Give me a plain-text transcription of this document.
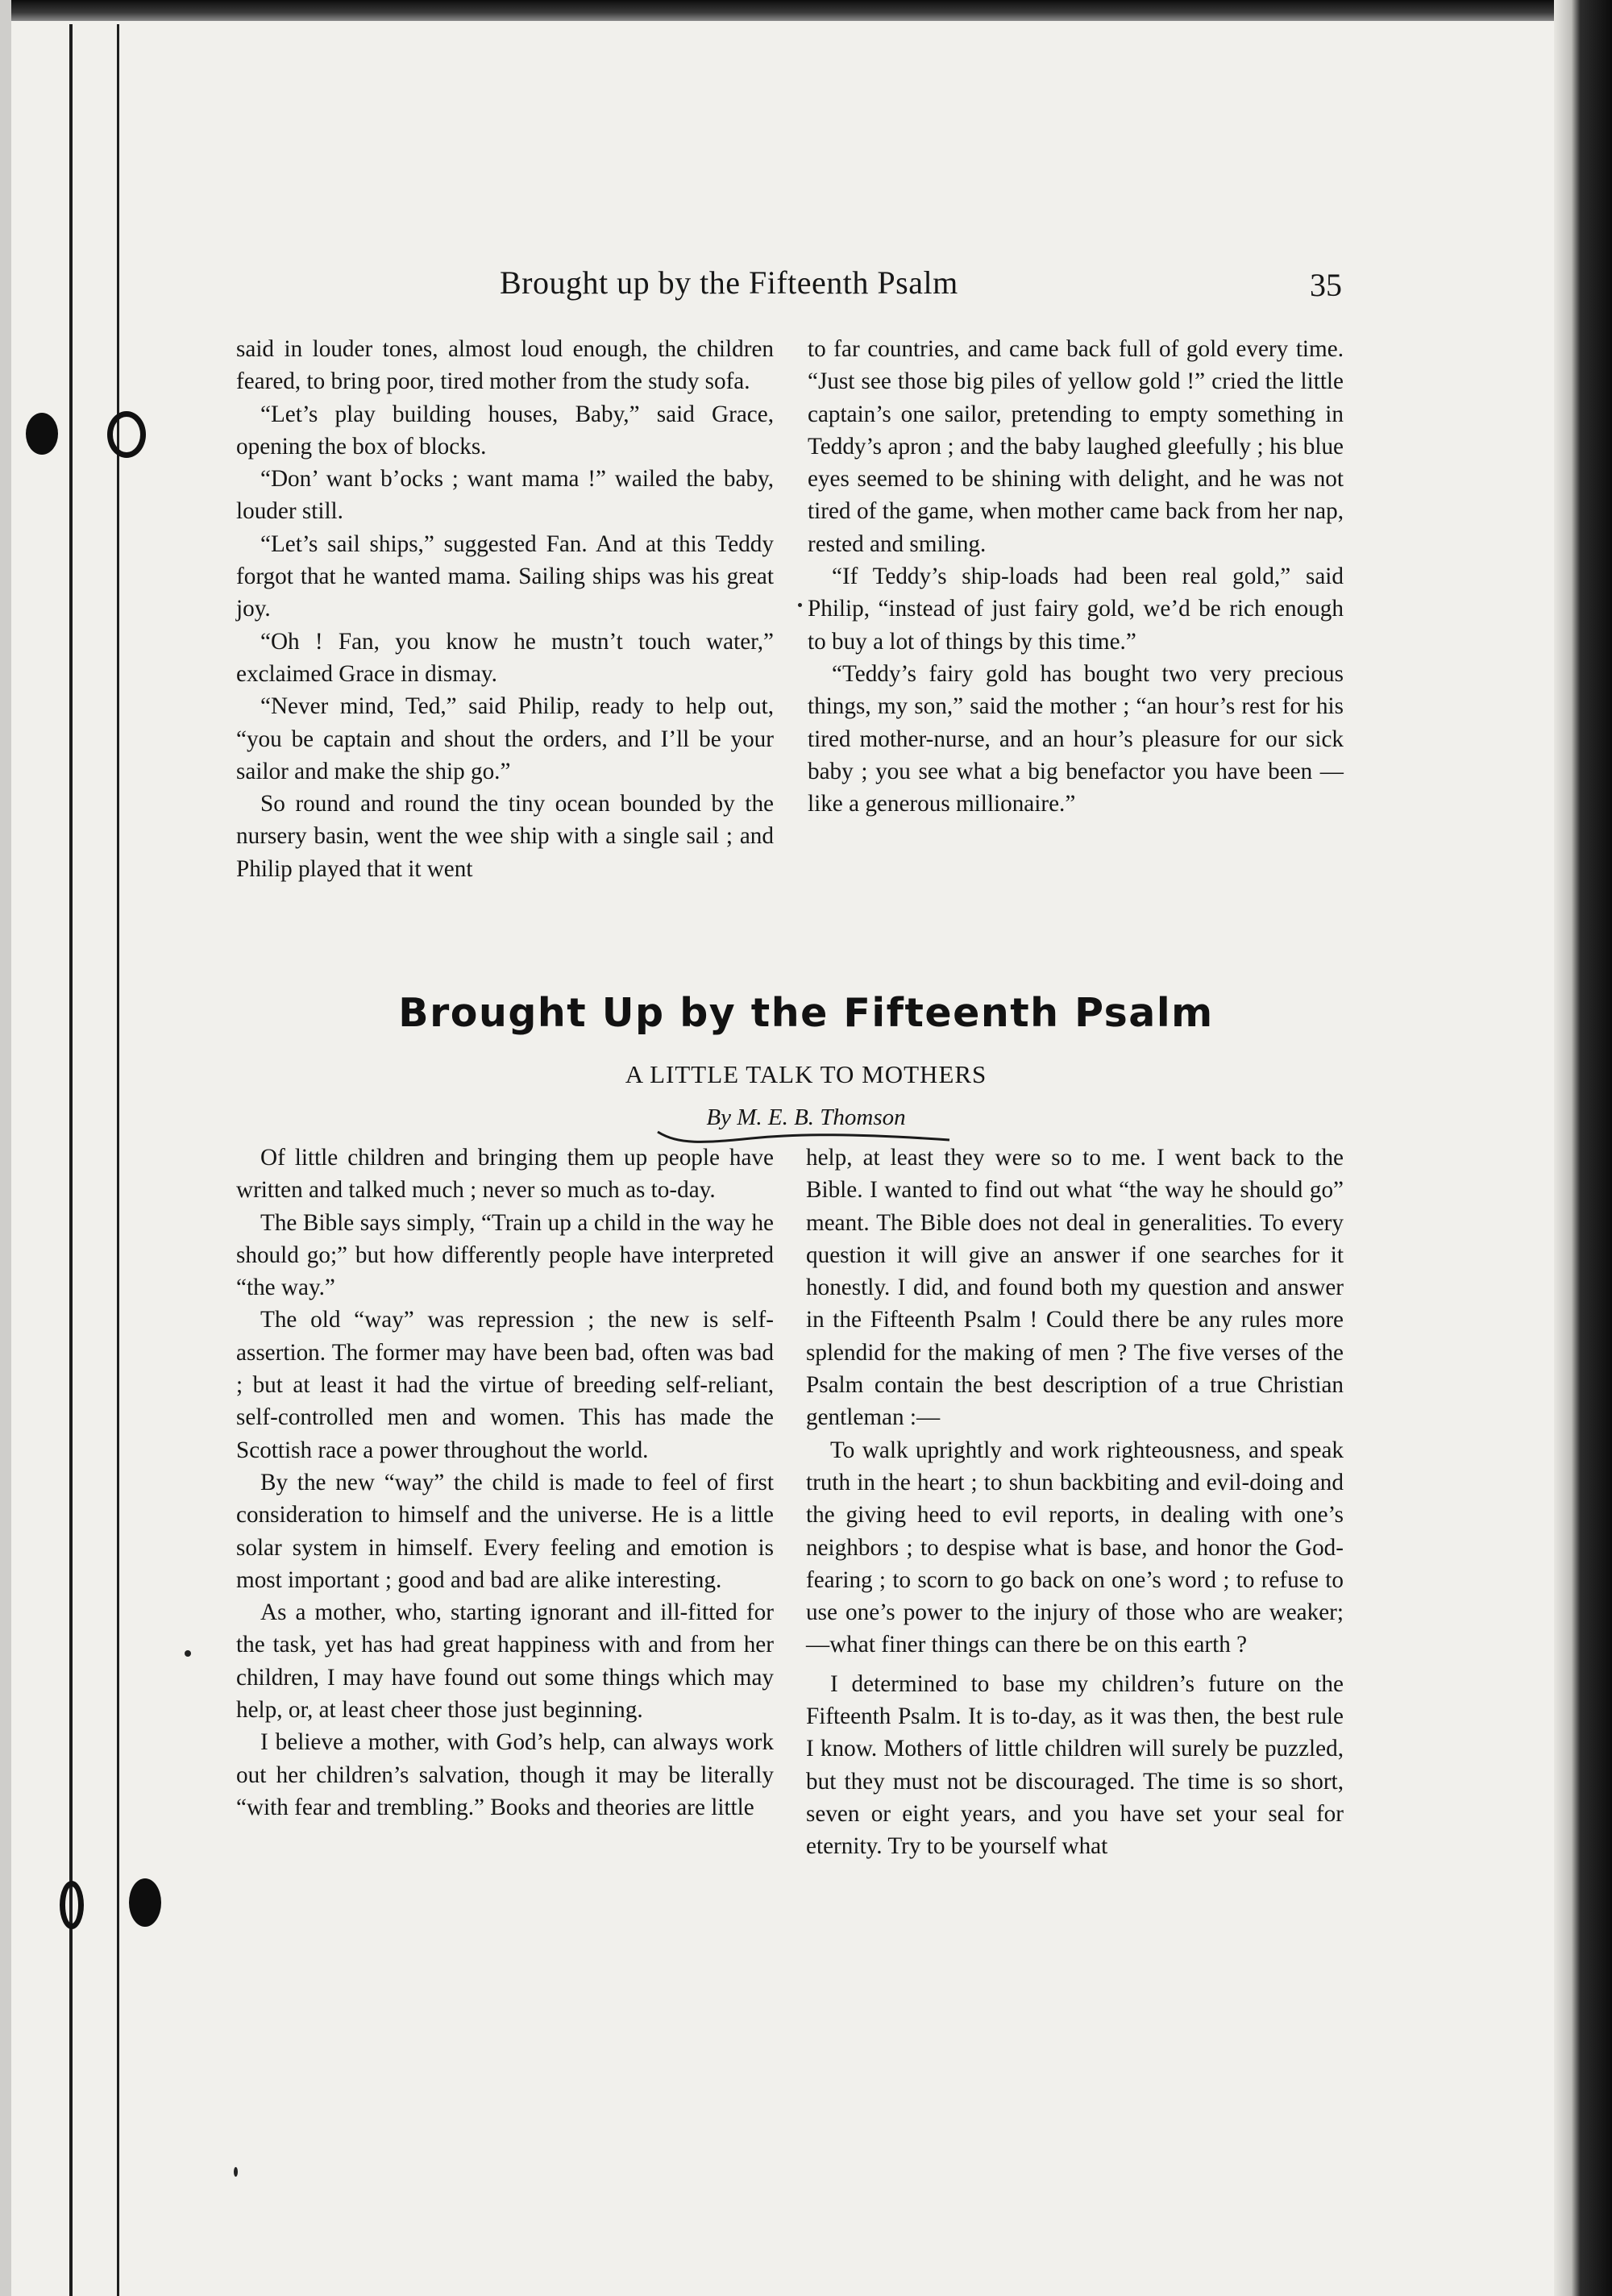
Brought up by the Fifteenth Psalm	35

said in louder tones, almost loud enough, the children feared, to bring poor, tired mother from the study sofa.

“Let’s play building houses, Baby,” said Grace, opening the box of blocks.

“Don’ want b’ocks ; want mama !” wailed the baby, louder still.

“Let’s sail ships,” suggested Fan. And at this Teddy forgot that he wanted mama. Sailing ships was his great joy.

“Oh ! Fan, you know he mustn’t touch water,” exclaimed Grace in dismay.

“Never mind, Ted,” said Philip, ready to help out, “you be captain and shout the orders, and I’ll be your sailor and make the ship go.”

So round and round the tiny ocean bounded by the nursery basin, went the wee ship with a single sail ; and Philip played that it went

to far countries, and came back full of gold every time. “Just see those big piles of yellow gold !” cried the little captain’s one sailor, pretending to empty something in Teddy’s apron ; and the baby laughed gleefully ; his blue eyes seemed to be shining with delight, and he was not tired of the game, when mother came back from her nap, rested and smiling.

“If Teddy’s ship-loads had been real gold,” said Philip, “instead of just fairy gold, we’d be rich enough to buy a lot of things by this time.”

“Teddy’s fairy gold has bought two very precious things, my son,” said the mother ; “an hour’s rest for his tired mother-nurse, and an hour’s pleasure for our sick baby ; you see what a big benefactor you have been —like a generous millionaire.”

Brought Up by the Fifteenth Psalm
A LITTLE TALK TO MOTHERS
By M. E. B. Thomson

Of little children and bringing them up people have written and talked much ; never so much as to-day.

The Bible says simply, “Train up a child in the way he should go;” but how differently people have interpreted “the way.”

The old “way” was repression ; the new is self-assertion. The former may have been bad, often was bad ; but at least it had the virtue of breeding self-reliant, self-controlled men and women. This has made the Scottish race a power throughout the world.

By the new “way” the child is made to feel of first consideration to himself and the universe. He is a little solar system in himself. Every feeling and emotion is most important ; good and bad are alike interesting.

As a mother, who, starting ignorant and ill-fitted for the task, yet has had great happiness with and from her children, I may have found out some things which may help, or, at least cheer those just beginning.

I believe a mother, with God’s help, can always work out her children’s salvation, though it may be literally “with fear and trembling.” Books and theories are little

help, at least they were so to me. I went back to the Bible. I wanted to find out what “the way he should go” meant. The Bible does not deal in generalities. To every question it will give an answer if one searches for it honestly. I did, and found both my question and answer in the Fifteenth Psalm ! Could there be any rules more splendid for the making of men ? The five verses of the Psalm contain the best description of a true Christian gentleman :—

To walk uprightly and work righteousness, and speak truth in the heart ; to shun backbiting and evil-doing and the giving heed to evil reports, in dealing with one’s neighbors ; to despise what is base, and honor the God-fearing ; to scorn to go back on one’s word ; to refuse to use one’s power to the injury of those who are weaker;—what finer things can there be on this earth ?

I determined to base my children’s future on the Fifteenth Psalm. It is to-day, as it was then, the best rule I know. Mothers of little children will surely be puzzled, but they must not be discouraged. The time is so short, seven or eight years, and you have set your seal for eternity. Try to be yourself what
